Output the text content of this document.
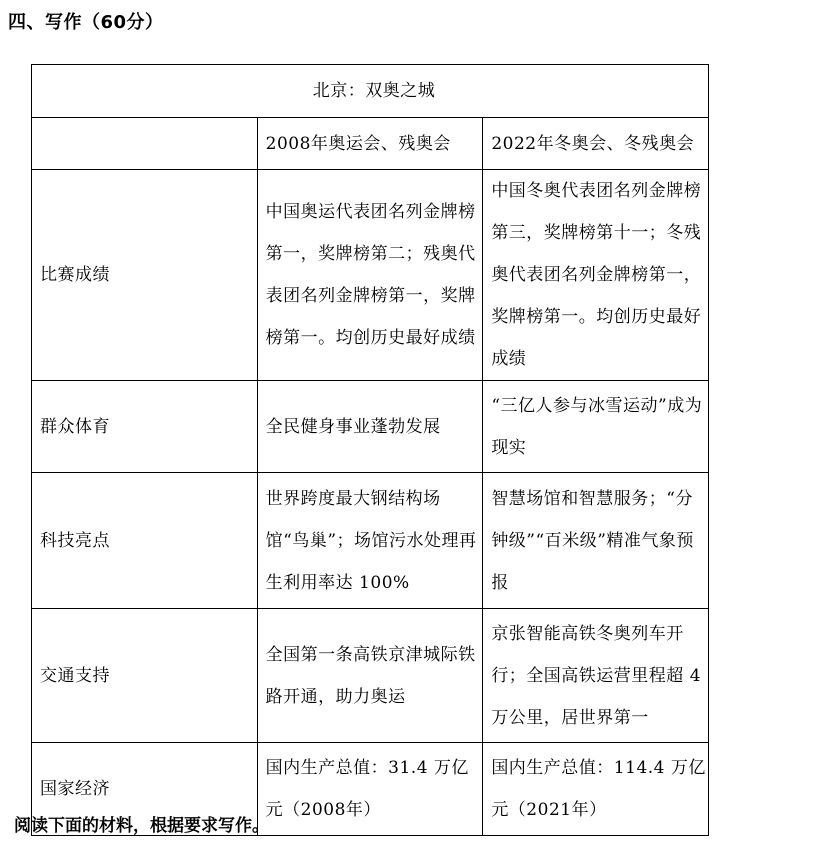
四、写作（60分）
北京：双奥之城		
	2008年奥运会、残奥会	2022年冬奥会、冬残奥会
比赛成绩	中国奥运代表团名列金牌榜第一，奖牌榜第二；残奥代表团名列金牌榜第一，奖牌榜第一。均创历史最好成绩	中国冬奥代表团名列金牌榜第三，奖牌榜第十一；冬残奥代表团名列金牌榜第一，奖牌榜第一。均创历史最好成绩
群众体育	全民健身事业蓬勃发展	“三亿人参与冰雪运动”成为现实
科技亮点	世界跨度最大钢结构场馆“鸟巢”；场馆污水处理再生利用率达 100%	智慧场馆和智慧服务；“分钟级”“百米级”精准气象预报
交通支持	全国第一条高铁京津城际铁路开通，助力奥运	京张智能高铁冬奥列车开行；全国高铁运营里程超 4 万公里，居世界第一
国家经济	国内生产总值：31.4 万亿元（2008年）	国内生产总值：114.4 万亿元（2021年）
阅读下面的材料，根据要求写作。
